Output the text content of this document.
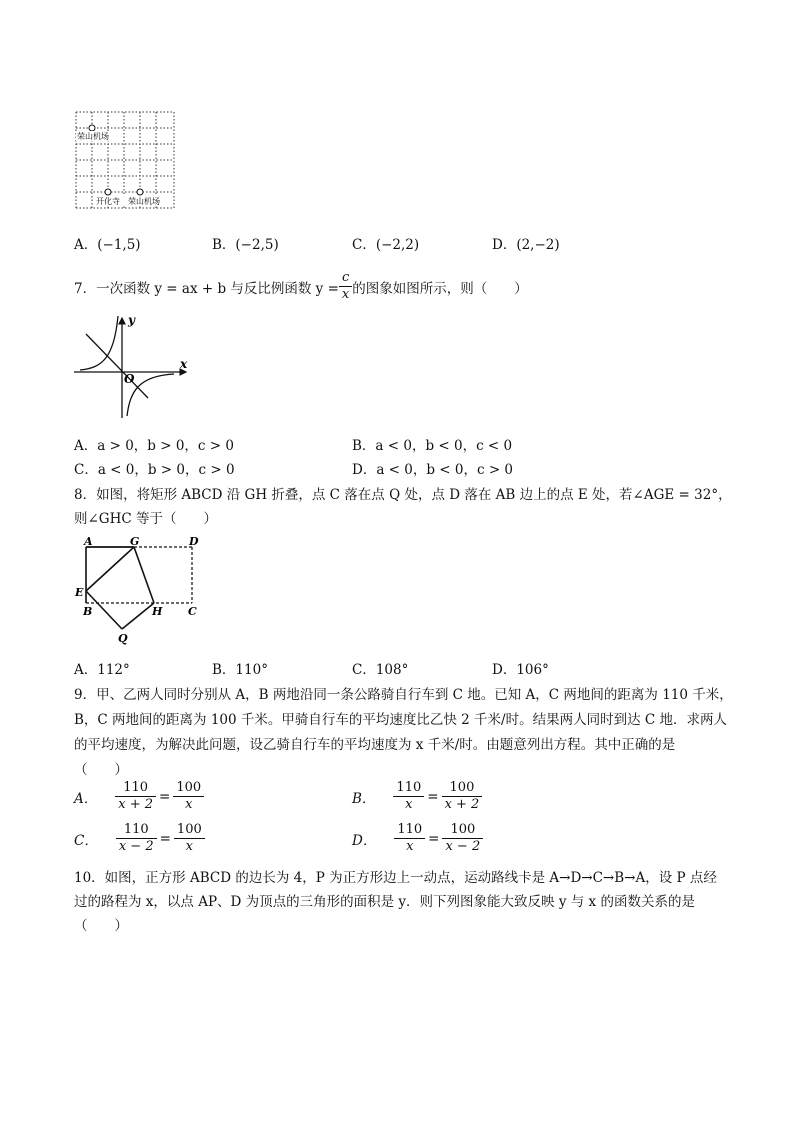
荣山机场
开化寺 荣山机场
A．(−1,5)	B．(−2,5)	C．(−2,2)	D．(2,−2)
7．一次函数 y = ax + b 与反比例函数 $y = \frac{c}{x}$ 的图象如图所示，则（　　）
y
x
O
A．a > 0，b > 0，c > 0	B．a < 0，b < 0，c < 0
C．a < 0，b > 0，c > 0	D．a < 0，b < 0，c > 0
8．如图，将矩形 ABCD 沿 GH 折叠，点 C 落在点 Q 处，点 D 落在 AB 边上的点 E 处，若∠AGE = 32°，
则∠GHC 等于（　　）
A	G	D
E
B	H C
Q
A．112°	B．110°	C．108°	D．106°
9．甲、乙两人同时分别从 A，B 两地沿同一条公路骑自行车到 C 地。已知 A，C 两地间的距离为 110 千米，
B，C 两地间的距离为 100 千米。甲骑自行车的平均速度比乙快 2 千米/时。结果两人同时到达 C 地．求两人
的平均速度，为解决此问题，设乙骑自行车的平均速度为 x 千米/时。由题意列出方程。其中正确的是
（　　）
A． $\frac{110}{x + 2} = \frac{100}{x}$	B． $\frac{110}{x} = \frac{100}{x + 2}$
C． $\frac{110}{x - 2} = \frac{100}{x}$	D． $\frac{110}{x} = \frac{100}{x - 2}$
10．如图，正方形 ABCD 的边长为 4，P 为正方形边上一动点，运动路线卡是 A→D→C→B→A，设 P 点经
过的路程为 x，以点 AP、D 为顶点的三角形的面积是 y．则下列图象能大致反映 y 与 x 的函数关系的是
（　　）
